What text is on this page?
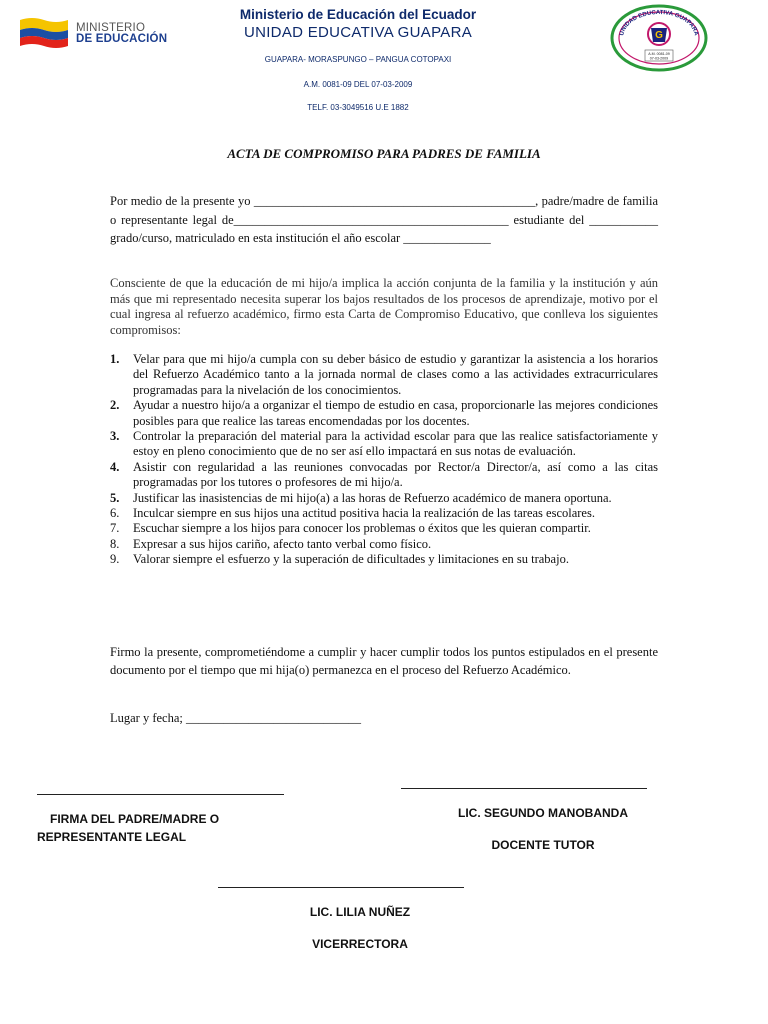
MINISTERIO
DE EDUCACIÓN
Ministerio de Educación del Ecuador
UNIDAD EDUCATIVA GUAPARA
GUAPARA- MORASPUNGO – PANGUA COTOPAXI
A.M. 0081-09 DEL 07-03-2009
TELF. 03-3049516 U.E 1882
UNIDAD EDUCATIVA GUAPARA
G
A.M. 0081-09
07-03-2009
ACTA DE COMPROMISO PARA PADRES DE FAMILIA
Por medio de la presente yo _____________________________________________, padre/madre de familia o representante legal de____________________________________________ estudiante del ___________
grado/curso, matriculado en esta institución el año escolar ______________
Consciente de que la educación de mi hijo/a implica la acción conjunta de la familia y la institución y aún más que mi representado necesita superar los bajos resultados de los procesos de aprendizaje, motivo por el cual ingresa al refuerzo académico, firmo esta Carta de Compromiso Educativo, que conlleva los siguientes compromisos:
1. Velar para que mi hijo/a cumpla con su deber básico de estudio y garantizar la asistencia a los horarios del Refuerzo Académico tanto a la jornada normal de clases como a las actividades extracurriculares programadas para la nivelación de los conocimientos.
2. Ayudar a nuestro hijo/a a organizar el tiempo de estudio en casa, proporcionarle las mejores condiciones posibles para que realice las tareas encomendadas por los docentes.
3. Controlar la preparación del material para la actividad escolar para que las realice satisfactoriamente y estoy en pleno conocimiento que de no ser así ello impactará en sus notas de evaluación.
4. Asistir con regularidad a las reuniones convocadas por Rector/a Director/a, así como a las citas programadas por los tutores o profesores de mi hijo/a.
5. Justificar las inasistencias de mi hijo(a) a las horas de Refuerzo académico de manera oportuna.
6. Inculcar siempre en sus hijos una actitud positiva hacia la realización de las tareas escolares.
7. Escuchar siempre a los hijos para conocer los problemas o éxitos que les quieran compartir.
8. Expresar a sus hijos cariño, afecto tanto verbal como físico.
9. Valorar siempre el esfuerzo y la superación de dificultades y limitaciones en su trabajo.
Firmo la presente, comprometiéndome a cumplir y hacer cumplir todos los puntos estipulados en el presente documento por el tiempo que mi hija(o) permanezca en el proceso del Refuerzo Académico.
Lugar y fecha; ____________________________
FIRMA DEL PADRE/MADRE O
REPRESENTANTE LEGAL
LIC. SEGUNDO MANOBANDA
DOCENTE TUTOR
LIC. LILIA NUÑEZ
VICERRECTORA
